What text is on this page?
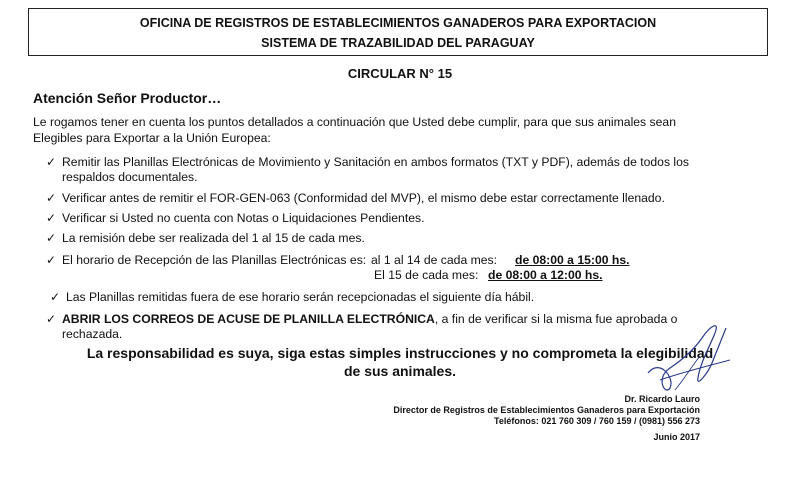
OFICINA DE REGISTROS DE ESTABLECIMIENTOS GANADEROS PARA EXPORTACION
SISTEMA DE TRAZABILIDAD DEL PARAGUAY
CIRCULAR N° 15
Atención Señor Productor…
Le rogamos tener en cuenta los puntos detallados a continuación que Usted debe cumplir, para que sus animales sean Elegibles para Exportar a la Unión Europea:
✓ Remitir las Planillas Electrónicas de Movimiento y Sanitación en ambos formatos (TXT y PDF), además de todos los respaldos documentales.
✓ Verificar antes de remitir el FOR-GEN-063 (Conformidad del MVP), el mismo debe estar correctamente llenado.
✓ Verificar si Usted no cuenta con Notas o Liquidaciones Pendientes.
✓ La remisión debe ser realizada del 1 al 15 de cada mes.
✓ El horario de Recepción de las Planillas Electrónicas es: al 1 al 14 de cada mes: de 08:00 a 15:00 hs.
El 15 de cada mes: de 08:00 a 12:00 hs.
✓ Las Planillas remitidas fuera de ese horario serán recepcionadas el siguiente día hábil.
✓ ABRIR LOS CORREOS DE ACUSE DE PLANILLA ELECTRÓNICA, a fin de verificar si la misma fue aprobada o rechazada.
La responsabilidad es suya, siga estas simples instrucciones y no comprometa la elegibilidad
de sus animales.
Dr. Ricardo Lauro
Director de Registros de Establecimientos Ganaderos para Exportación
Teléfonos: 021 760 309 / 760 159 / (0981) 556 273
Junio 2017
